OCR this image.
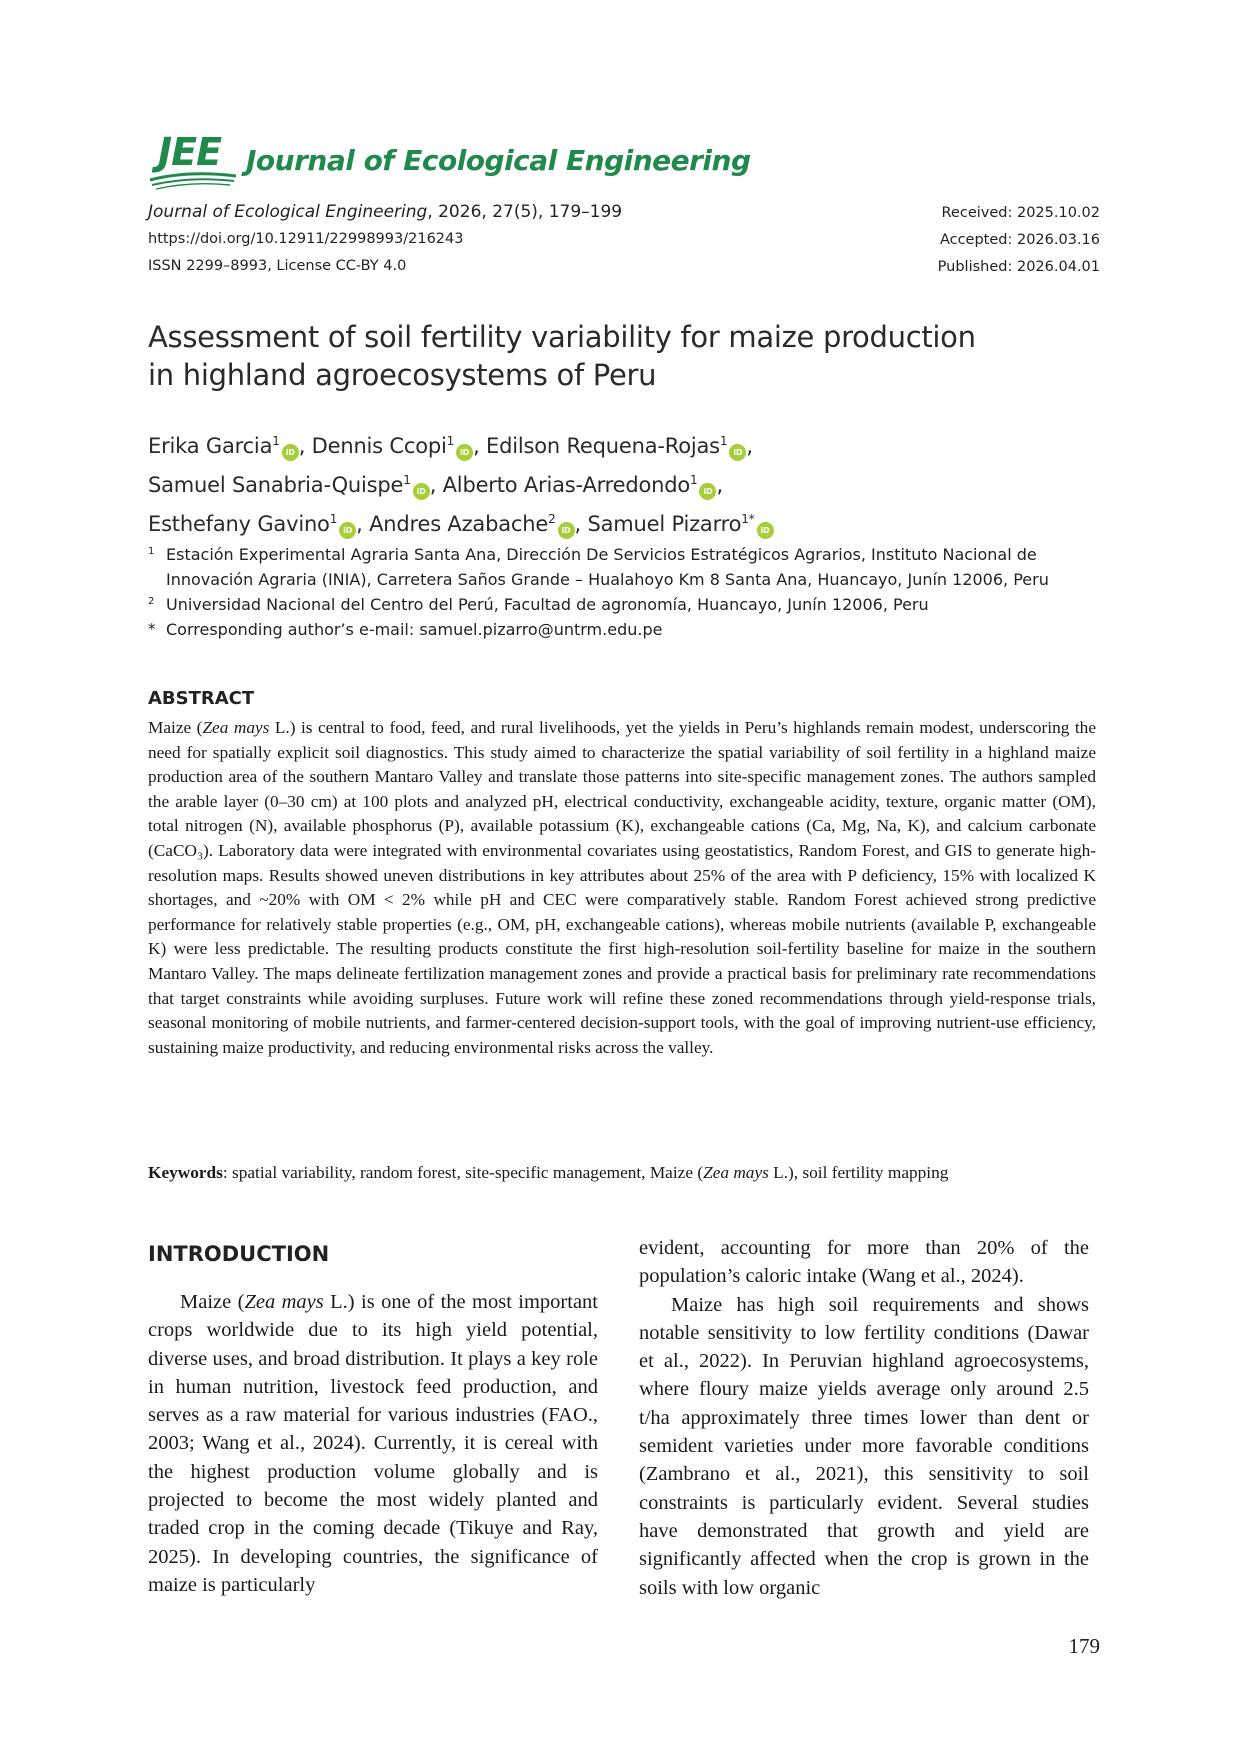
JEE Journal of Ecological Engineering
Journal of Ecological Engineering, 2026, 27(5), 179–199
https://doi.org/10.12911/22998993/216243
ISSN 2299–8993, License CC-BY 4.0
Received: 2025.10.02
Accepted: 2026.03.16
Published: 2026.04.01
Assessment of soil fertility variability for maize production
in highland agroecosystems of Peru
Erika Garcia$^1$iD , Dennis Ccopi$^1$iD , Edilson Requena-Rojas$^1$iD ,
Samuel Sanabria-Quispe$^1$iD , Alberto Arias-Arredondo$^1$iD ,
Esthefany Gavino$^1$iD , Andres Azabache$^2$iD , Samuel Pizarro$^{1*}$iD
1 Estación Experimental Agraria Santa Ana, Dirección De Servicios Estratégicos Agrarios, Instituto Nacional de Innovación Agraria (INIA), Carretera Saños Grande – Hualahoyo Km 8 Santa Ana, Huancayo, Junín 12006, Peru
2 Universidad Nacional del Centro del Perú, Facultad de agronomía, Huancayo, Junín 12006, Peru
* Corresponding author’s e-mail: samuel.pizarro@untrm.edu.pe
ABSTRACT
Maize (Zea mays L.) is central to food, feed, and rural livelihoods, yet the yields in Peru’s highlands remain modest, underscoring the need for spatially explicit soil diagnostics. This study aimed to characterize the spatial variability of soil fertility in a highland maize production area of the southern Mantaro Valley and translate those patterns into site-specific management zones. The authors sampled the arable layer (0–30 cm) at 100 plots and analyzed pH, electrical conductivity, exchangeable acidity, texture, organic matter (OM), total nitrogen (N), available phosphorus (P), available potassium (K), exchangeable cations (Ca, Mg, Na, K), and calcium carbonate (CaCO₃). Laboratory data were integrated with environmental covariates using geostatistics, Random Forest, and GIS to generate high-resolution maps. Results showed uneven distributions in key attributes about 25% of the area with P deficiency, 15% with localized K shortages, and ~20% with OM < 2% while pH and CEC were comparatively stable. Random Forest achieved strong predictive performance for relatively stable properties (e.g., OM, pH, exchangeable cations), whereas mobile nutrients (available P, exchangeable K) were less predictable. The resulting products constitute the first high-resolution soil-fertility baseline for maize in the southern Mantaro Valley. The maps delineate fertilization management zones and provide a practical basis for preliminary rate recommendations that target constraints while avoiding surpluses. Future work will refine these zoned recommendations through yield-response trials, seasonal monitoring of mobile nutrients, and farmer-centered decision-support tools, with the goal of improving nutrient-use efficiency, sustaining maize productivity, and reducing environmental risks across the valley.
Keywords: spatial variability, random forest, site-specific management, Maize (Zea mays L.), soil fertility mapping
INTRODUCTION

Maize (Zea mays L.) is one of the most important crops worldwide due to its high yield potential, diverse uses, and broad distribution. It plays a key role in human nutrition, livestock feed production, and serves as a raw material for various industries (FAO., 2003; Wang et al., 2024). Currently, it is cereal with the highest production volume globally and is projected to become the most widely planted and traded crop in the coming decade (Tikuye and Ray, 2025). In developing countries, the significance of maize is particularly

evident, accounting for more than 20% of the population’s caloric intake (Wang et al., 2024).

Maize has high soil requirements and shows notable sensitivity to low fertility conditions (Dawar et al., 2022). In Peruvian highland agroecosystems, where floury maize yields average only around 2.5 t/ha approximately three times lower than dent or semident varieties under more favorable conditions (Zambrano et al., 2021), this sensitivity to soil constraints is particularly evident. Several studies have demonstrated that growth and yield are significantly affected when the crop is grown in the soils with low organic

179
